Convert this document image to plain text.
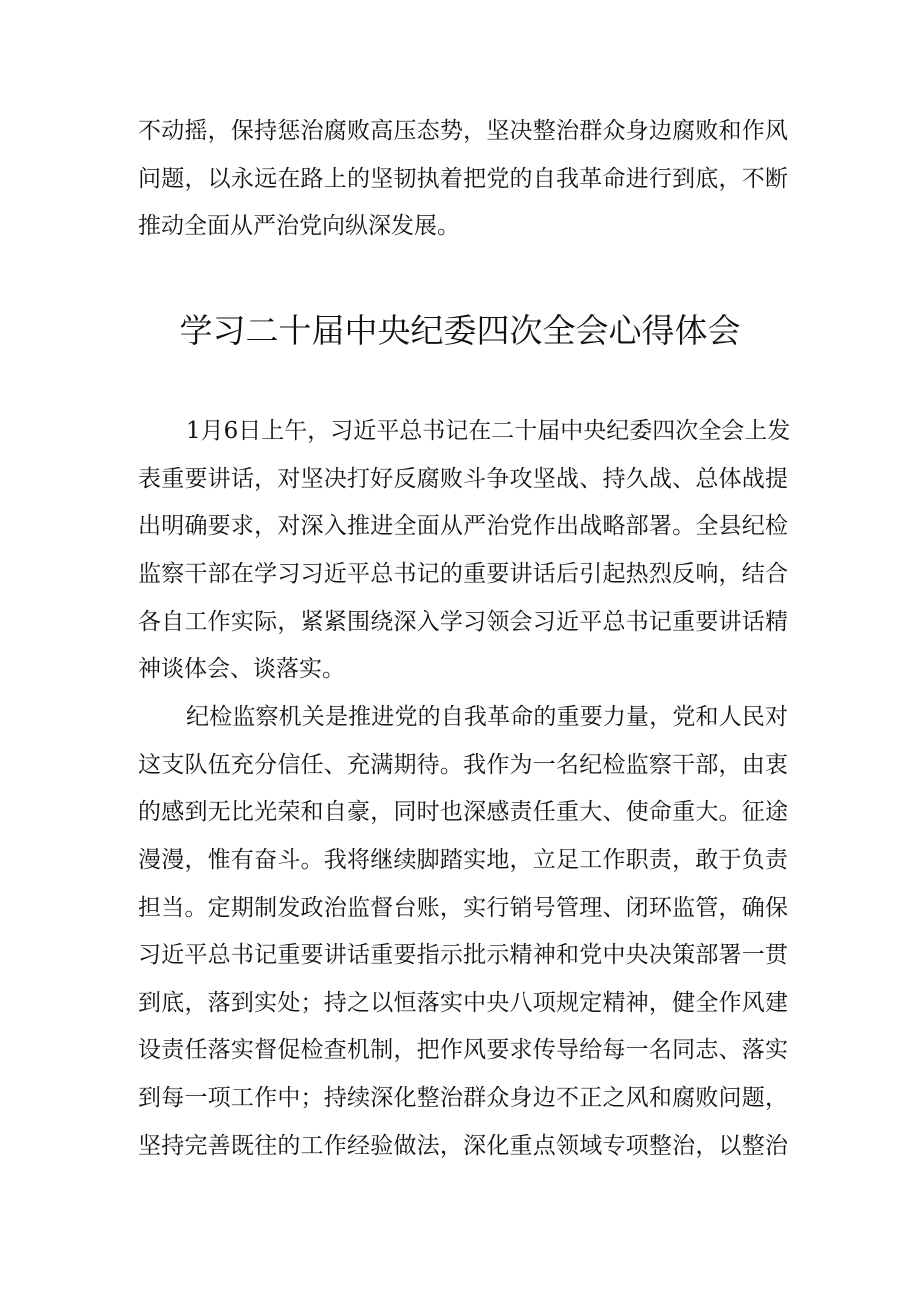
不动摇，保持惩治腐败高压态势，坚决整治群众身边腐败和作风
问题，以永远在路上的坚韧执着把党的自我革命进行到底，不断
推动全面从严治党向纵深发展。
学习二十届中央纪委四次全会心得体会
1月6日上午，习近平总书记在二十届中央纪委四次全会上发
表重要讲话，对坚决打好反腐败斗争攻坚战、持久战、总体战提
出明确要求，对深入推进全面从严治党作出战略部署。全县纪检
监察干部在学习习近平总书记的重要讲话后引起热烈反响，结合
各自工作实际，紧紧围绕深入学习领会习近平总书记重要讲话精
神谈体会、谈落实。
纪检监察机关是推进党的自我革命的重要力量，党和人民对
这支队伍充分信任、充满期待。我作为一名纪检监察干部，由衷
的感到无比光荣和自豪，同时也深感责任重大、使命重大。征途
漫漫，惟有奋斗。我将继续脚踏实地，立足工作职责，敢于负责
担当。定期制发政治监督台账，实行销号管理、闭环监管，确保
习近平总书记重要讲话重要指示批示精神和党中央决策部署一贯
到底，落到实处；持之以恒落实中央八项规定精神，健全作风建
设责任落实督促检查机制，把作风要求传导给每一名同志、落实
到每一项工作中；持续深化整治群众身边不正之风和腐败问题，
坚持完善既往的工作经验做法，深化重点领域专项整治，以整治
